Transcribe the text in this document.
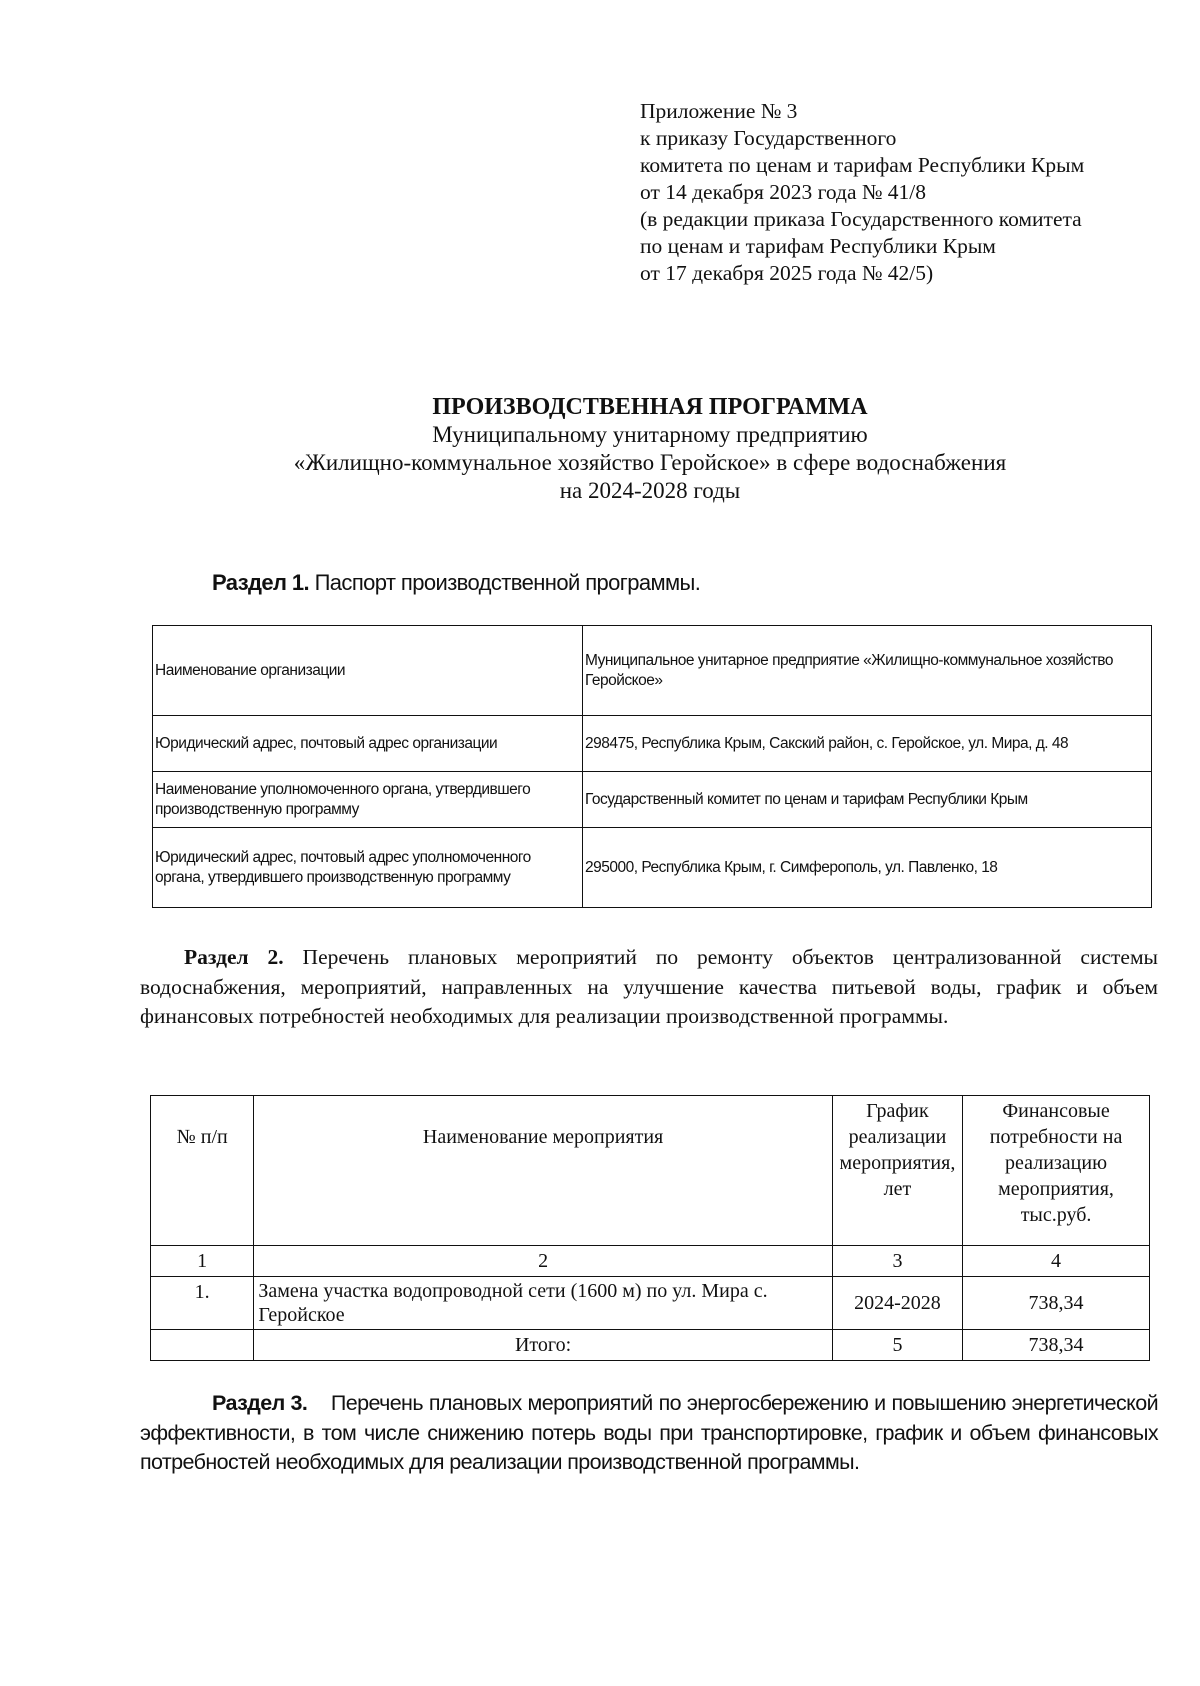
Приложение № 3
к приказу Государственного
комитета по ценам и тарифам Республики Крым
от 14 декабря 2023 года № 41/8
(в редакции приказа Государственного комитета
по ценам и тарифам Республики Крым
от 17 декабря 2025 года № 42/5)
ПРОИЗВОДСТВЕННАЯ ПРОГРАММА
Муниципальному унитарному предприятию
«Жилищно-коммунальное хозяйство Геройское» в сфере водоснабжения
на 2024-2028 годы
Раздел 1. Паспорт производственной программы.
Наименование организации	Муниципальное унитарное предприятие «Жилищно-коммунальное хозяйство Геройское»
Юридический адрес, почтовый адрес организации	298475, Республика Крым, Сакский район, с. Геройское, ул. Мира, д. 48
Наименование уполномоченного органа, утвердившего производственную программу	Государственный комитет по ценам и тарифам Республики Крым
Юридический адрес, почтовый адрес уполномоченного органа, утвердившего производственную программу	295000, Республика Крым, г. Симферополь, ул. Павленко, 18
Раздел 2. Перечень плановых мероприятий по ремонту объектов централизованной системы водоснабжения, мероприятий, направленных на улучшение качества питьевой воды, график и объем финансовых потребностей необходимых для реализации производственной программы.
№ п/п	Наименование мероприятия	График реализации мероприятия, лет	Финансовые потребности на реализацию мероприятия, тыс.руб.
1	2	3	4
1.	Замена участка водопроводной сети (1600 м) по ул. Мира с. Геройское	2024-2028	738,34
	Итого:	5	738,34
Раздел 3. Перечень плановых мероприятий по энергосбережению и повышению энергетической эффективности, в том числе снижению потерь воды при транспортировке, график и объем финансовых потребностей необходимых для реализации производственной программы.
